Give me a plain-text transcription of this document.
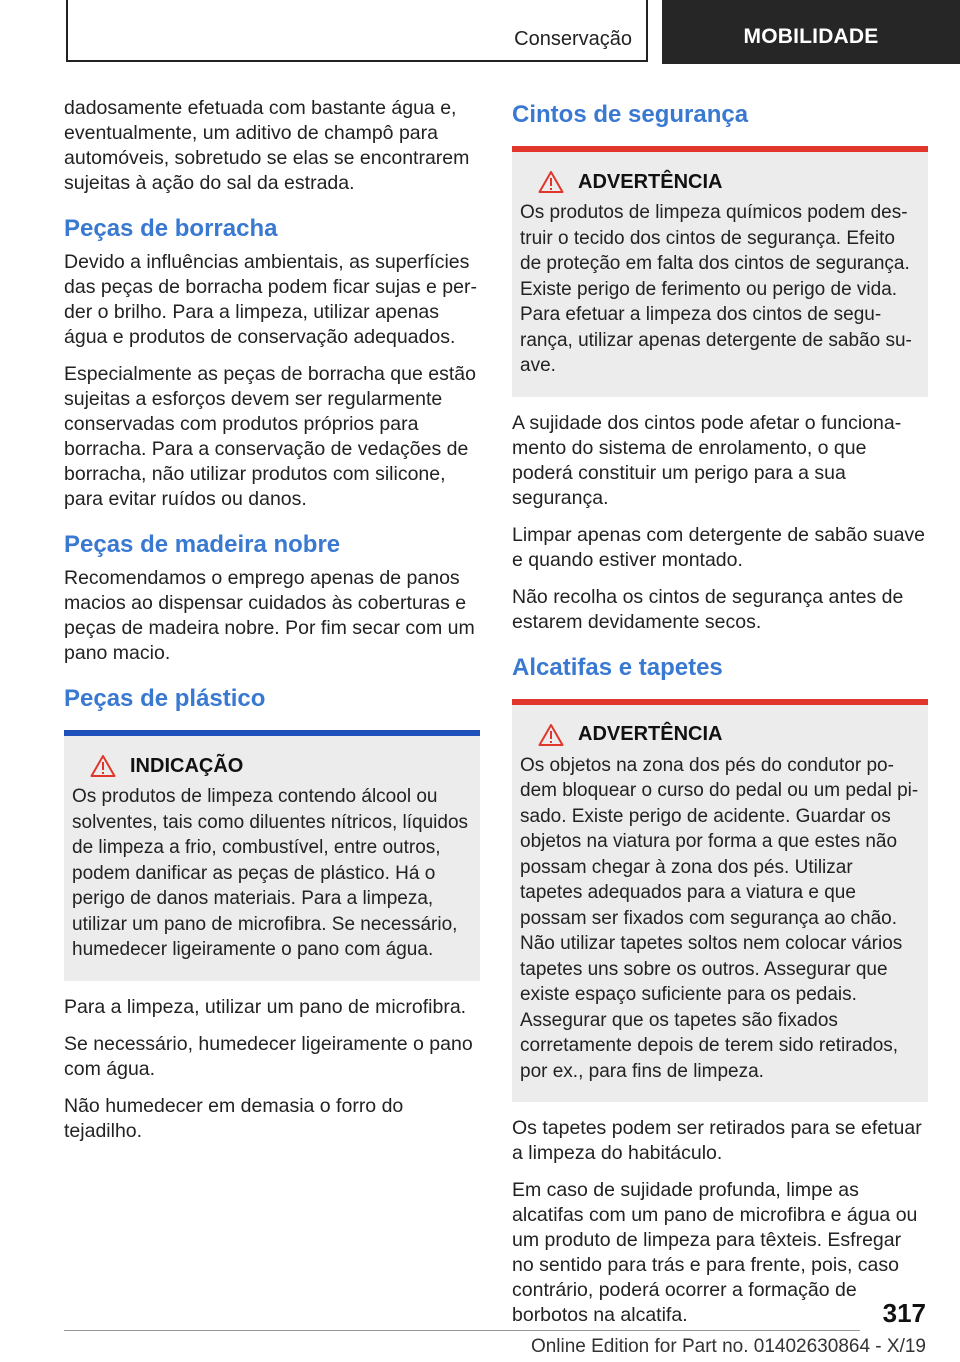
Conservação	MOBILIDADE

dadosamente efetuada com bastante água e, eventualmente, um aditivo de champô para automóveis, sobretudo se elas se encontrarem sujeitas à ação do sal da estrada.

Peças de borracha

Devido a influências ambientais, as superfícies das peças de borracha podem ficar sujas e perder o brilho. Para a limpeza, utilizar apenas água e produtos de conservação adequados.

Especialmente as peças de borracha que estão sujeitas a esforços devem ser regularmente conservadas com produtos próprios para borracha. Para a conservação de vedações de borracha, não utilizar produtos com silicone, para evitar ruídos ou danos.

Peças de madeira nobre

Recomendamos o emprego apenas de panos macios ao dispensar cuidados às coberturas e peças de madeira nobre. Por fim secar com um pano macio.

Peças de plástico
INDICAÇÃO

Os produtos de limpeza contendo álcool ou solventes, tais como diluentes nítricos, líquidos de limpeza a frio, combustível, entre outros, podem danificar as peças de plástico. Há o perigo de danos materiais. Para a limpeza, utilizar um pano de microfibra. Se necessário, humedecer ligeiramente o pano com água.

Para a limpeza, utilizar um pano de microfibra.

Se necessário, humedecer ligeiramente o pano com água.

Não humedecer em demasia o forro do tejadilho.

Cintos de segurança
ADVERTÊNCIA

Os produtos de limpeza químicos podem destruir o tecido dos cintos de segurança. Efeito de proteção em falta dos cintos de segurança. Existe perigo de ferimento ou perigo de vida. Para efetuar a limpeza dos cintos de segurança, utilizar apenas detergente de sabão suave.

A sujidade dos cintos pode afetar o funcionamento do sistema de enrolamento, o que poderá constituir um perigo para a sua segurança.

Limpar apenas com detergente de sabão suave e quando estiver montado.

Não recolha os cintos de segurança antes de estarem devidamente secos.

Alcatifas e tapetes
ADVERTÊNCIA

Os objetos na zona dos pés do condutor podem bloquear o curso do pedal ou um pedal pisado. Existe perigo de acidente. Guardar os objetos na viatura por forma a que estes não possam chegar à zona dos pés. Utilizar tapetes adequados para a viatura e que possam ser fixados com segurança ao chão. Não utilizar tapetes soltos nem colocar vários tapetes uns sobre os outros. Assegurar que existe espaço suficiente para os pedais. Assegurar que os tapetes são fixados corretamente depois de terem sido retirados, por ex., para fins de limpeza.

Os tapetes podem ser retirados para se efetuar a limpeza do habitáculo.

Em caso de sujidade profunda, limpe as alcatifas com um pano de microfibra e água ou um produto de limpeza para têxteis. Esfregar no sentido para trás e para frente, pois, caso contrário, poderá ocorrer a formação de borbotos na alcatifa.	317
Online Edition for Part no. 01402630864 - X/19
